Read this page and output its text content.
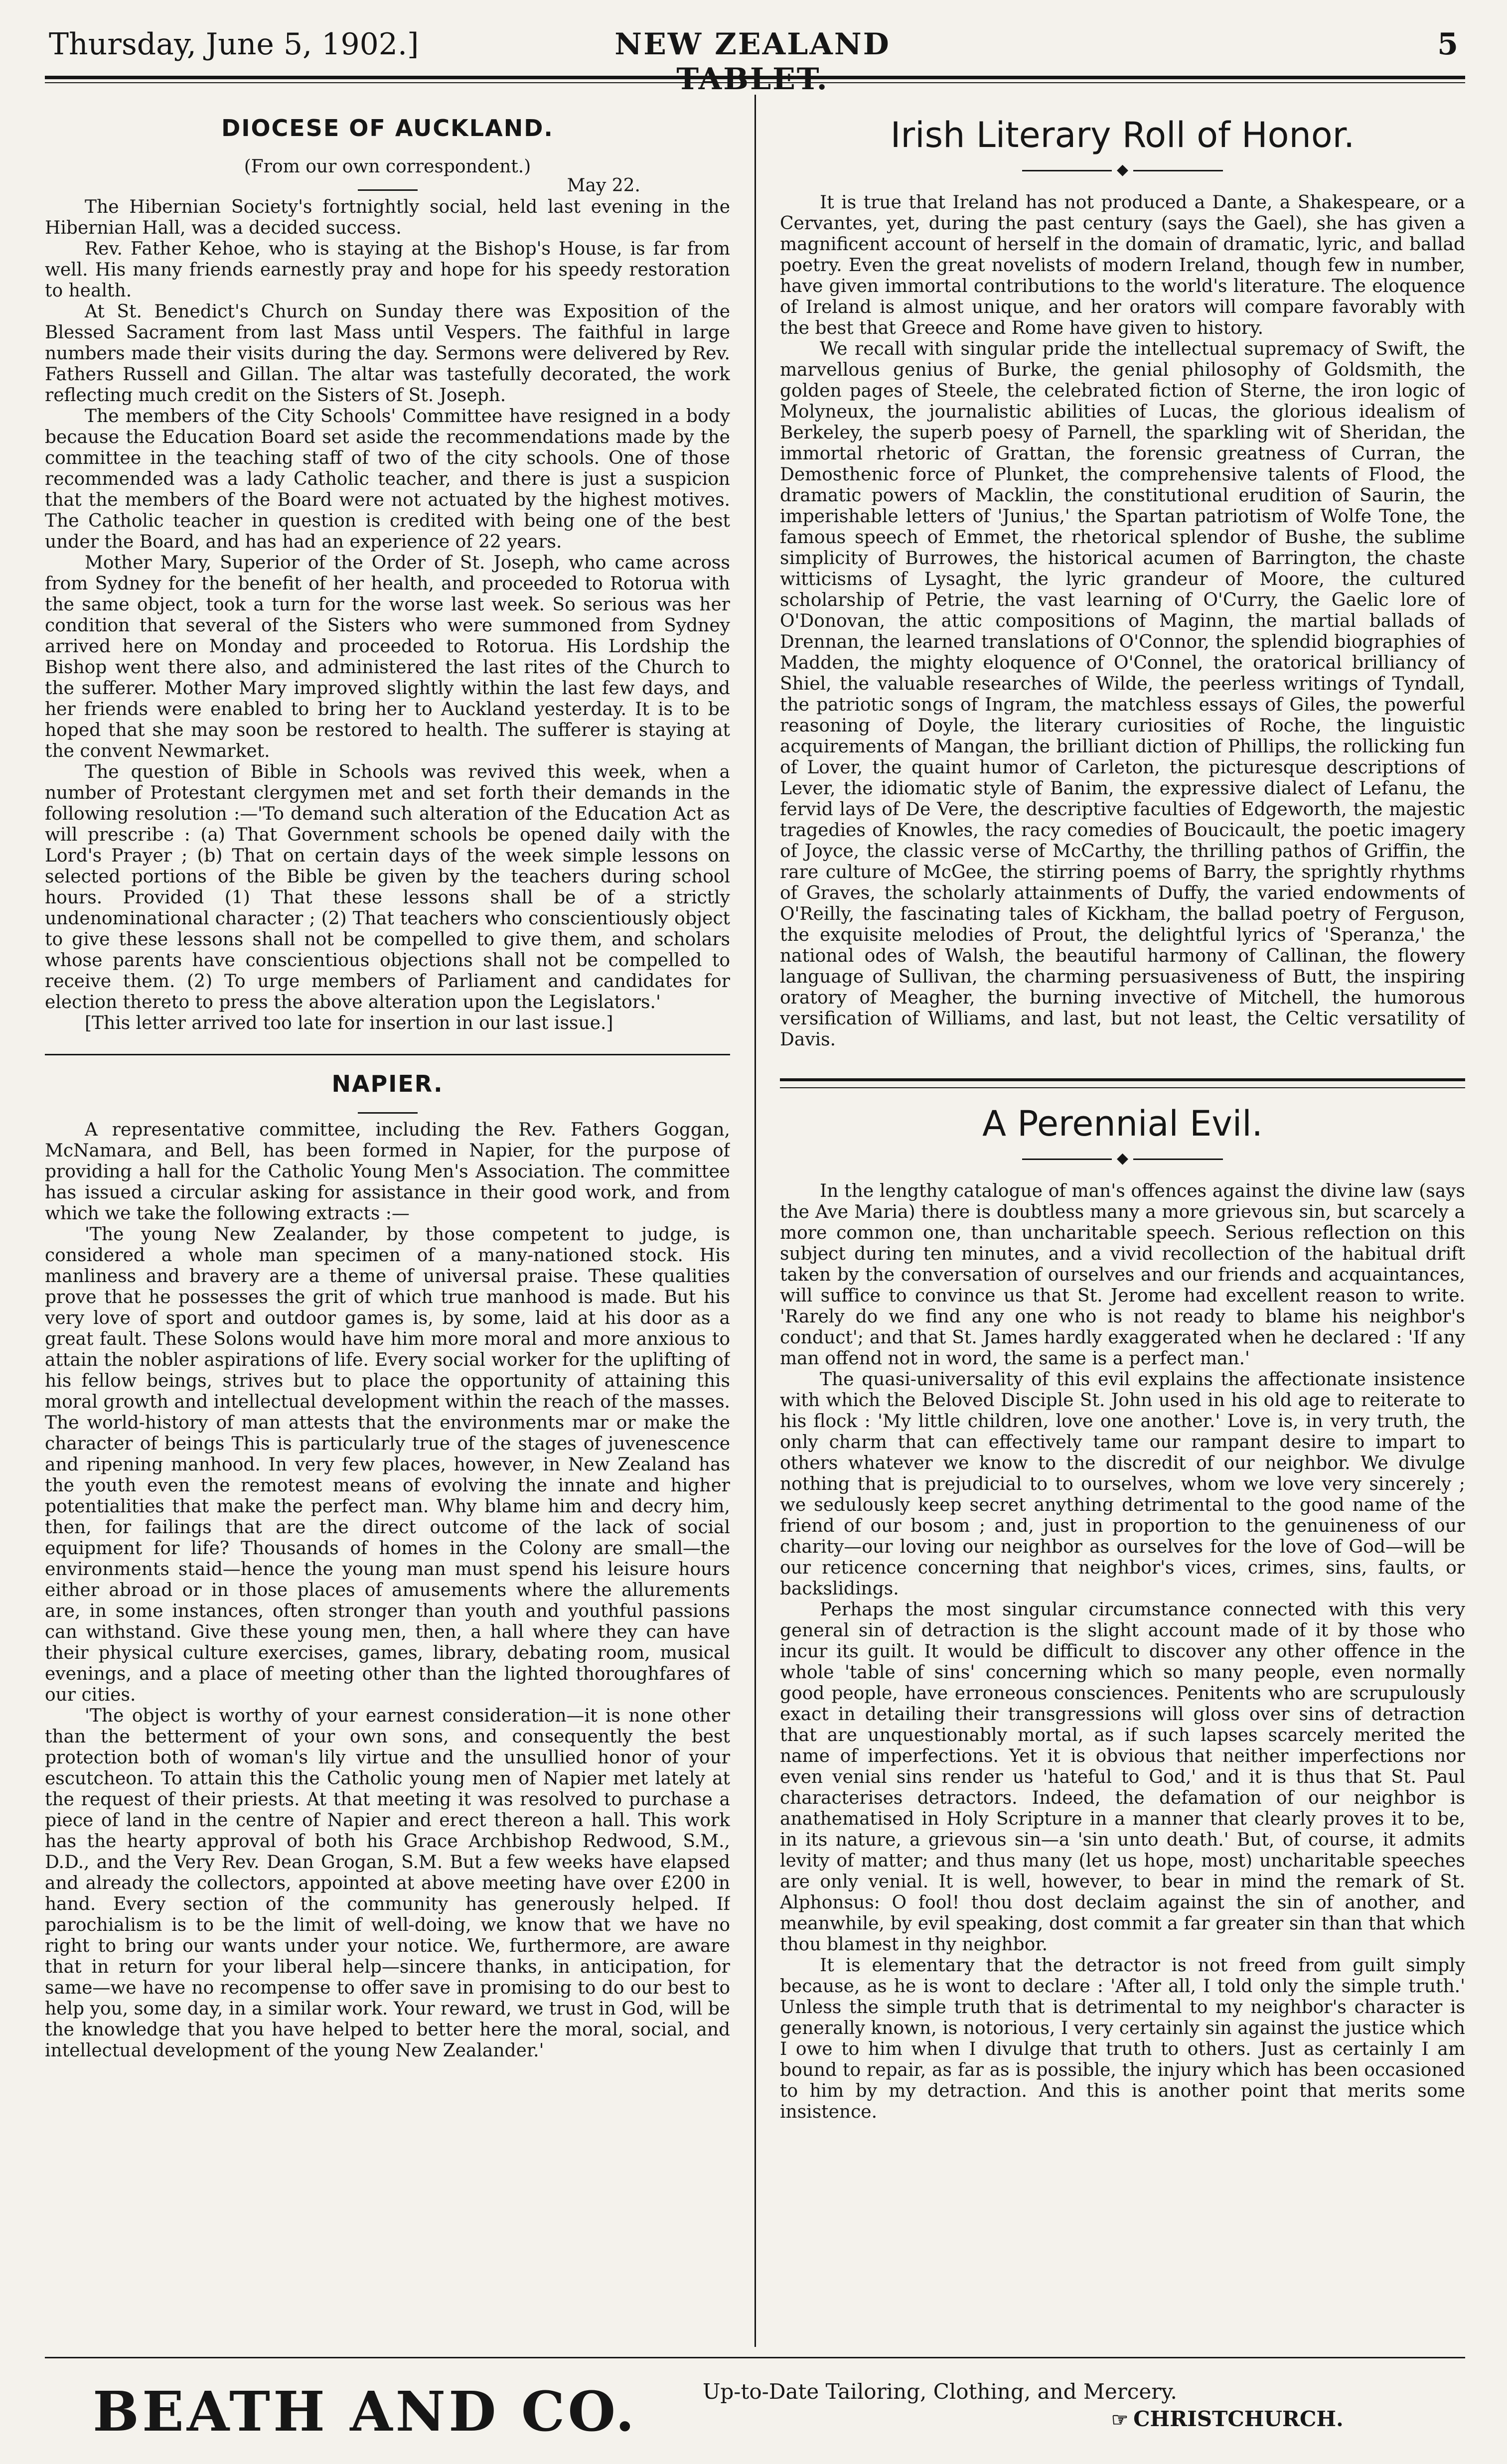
Thursday, June 5, 1902.]	NEW ZEALAND TABLET.
5
DIOCESE OF AUCKLAND.
(From our own correspondent.)
May 22.

The Hibernian Society's fortnightly social, held last evening in the Hibernian Hall, was a decided success.

Rev. Father Kehoe, who is staying at the Bishop's House, is far from well. His many friends earnestly pray and hope for his speedy restoration to health.

At St. Benedict's Church on Sunday there was Exposition of the Blessed Sacrament from last Mass until Vespers. The faithful in large numbers made their visits during the day. Sermons were delivered by Rev. Fathers Russell and Gillan. The altar was tastefully decorated, the work reflecting much credit on the Sisters of St. Joseph.

The members of the City Schools' Committee have resigned in a body because the Education Board set aside the recommendations made by the committee in the teaching staff of two of the city schools. One of those recommended was a lady Catholic teacher, and there is just a suspicion that the members of the Board were not actuated by the highest motives. The Catholic teacher in question is credited with being one of the best under the Board, and has had an experience of 22 years.

Mother Mary, Superior of the Order of St. Joseph, who came across from Sydney for the benefit of her health, and proceeded to Rotorua with the same object, took a turn for the worse last week. So serious was her condition that several of the Sisters who were summoned from Sydney arrived here on Monday and proceeded to Rotorua. His Lordship the Bishop went there also, and administered the last rites of the Church to the sufferer. Mother Mary improved slightly within the last few days, and her friends were enabled to bring her to Auckland yesterday. It is to be hoped that she may soon be restored to health. The sufferer is staying at the convent Newmarket.

The question of Bible in Schools was revived this week, when a number of Protestant clergymen met and set forth their demands in the following resolution :—'To demand such alteration of the Education Act as will prescribe : (a) That Government schools be opened daily with the Lord's Prayer ; (b) That on certain days of the week simple lessons on selected portions of the Bible be given by the teachers during school hours. Provided (1) That these lessons shall be of a strictly undenominational character ; (2) That teachers who conscientiously object to give these lessons shall not be compelled to give them, and scholars whose parents have conscientious objections shall not be compelled to receive them. (2) To urge members of Parliament and candidates for election thereto to press the above alteration upon the Legislators.'

[This letter arrived too late for insertion in our last issue.]

NAPIER.

A representative committee, including the Rev. Fathers Goggan, McNamara, and Bell, has been formed in Napier, for the purpose of providing a hall for the Catholic Young Men's Association. The committee has issued a circular asking for assistance in their good work, and from which we take the following extracts :—

'The young New Zealander, by those competent to judge, is considered a whole man specimen of a many-nationed stock. His manliness and bravery are a theme of universal praise. These qualities prove that he possesses the grit of which true manhood is made. But his very love of sport and outdoor games is, by some, laid at his door as a great fault. These Solons would have him more moral and more anxious to attain the nobler aspirations of life. Every social worker for the uplifting of his fellow beings, strives but to place the opportunity of attaining this moral growth and intellectual development within the reach of the masses. The world-history of man attests that the environments mar or make the character of beings This is particularly true of the stages of juvenescence and ripening manhood. In very few places, however, in New Zealand has the youth even the remotest means of evolving the innate and higher potentialities that make the perfect man. Why blame him and decry him, then, for failings that are the direct outcome of the lack of social equipment for life? Thousands of homes in the Colony are small—the environments staid—hence the young man must spend his leisure hours either abroad or in those places of amusements where the allurements are, in some instances, often stronger than youth and youthful passions can withstand. Give these young men, then, a hall where they can have their physical culture exercises, games, library, debating room, musical evenings, and a place of meeting other than the lighted thoroughfares of our cities.

'The object is worthy of your earnest consideration—it is none other than the betterment of your own sons, and consequently the best protection both of woman's lily virtue and the unsullied honor of your escutcheon. To attain this the Catholic young men of Napier met lately at the request of their priests. At that meeting it was resolved to purchase a piece of land in the centre of Napier and erect thereon a hall. This work has the hearty approval of both his Grace Archbishop Redwood, S.M., D.D., and the Very Rev. Dean Grogan, S.M. But a few weeks have elapsed and already the collectors, appointed at above meeting have over £200 in hand. Every section of the community has generously helped. If parochialism is to be the limit of well-doing, we know that we have no right to bring our wants under your notice. We, furthermore, are aware that in return for your liberal help—sincere thanks, in anticipation, for same—we have no recompense to offer save in promising to do our best to help you, some day, in a similar work. Your reward, we trust in God, will be the knowledge that you have helped to better here the moral, social, and intellectual development of the young New Zealander.'

Irish Literary Roll of Honor.
◆

It is true that Ireland has not produced a Dante, a Shakespeare, or a Cervantes, yet, during the past century (says the Gael), she has given a magnificent account of herself in the domain of dramatic, lyric, and ballad poetry. Even the great novelists of modern Ireland, though few in number, have given immortal contributions to the world's literature. The eloquence of Ireland is almost unique, and her orators will compare favorably with the best that Greece and Rome have given to history.

We recall with singular pride the intellectual supremacy of Swift, the marvellous genius of Burke, the genial philosophy of Goldsmith, the golden pages of Steele, the celebrated fiction of Sterne, the iron logic of Molyneux, the journalistic abilities of Lucas, the glorious idealism of Berkeley, the superb poesy of Parnell, the sparkling wit of Sheridan, the immortal rhetoric of Grattan, the forensic greatness of Curran, the Demosthenic force of Plunket, the comprehensive talents of Flood, the dramatic powers of Macklin, the constitutional erudition of Saurin, the imperishable letters of 'Junius,' the Spartan patriotism of Wolfe Tone, the famous speech of Emmet, the rhetorical splendor of Bushe, the sublime simplicity of Burrowes, the historical acumen of Barrington, the chaste witticisms of Lysaght, the lyric grandeur of Moore, the cultured scholarship of Petrie, the vast learning of O'Curry, the Gaelic lore of O'Donovan, the attic compositions of Maginn, the martial ballads of Drennan, the learned translations of O'Connor, the splendid biographies of Madden, the mighty eloquence of O'Connel, the oratorical brilliancy of Shiel, the valuable researches of Wilde, the peerless writings of Tyndall, the patriotic songs of Ingram, the matchless essays of Giles, the powerful reasoning of Doyle, the literary curiosities of Roche, the linguistic acquirements of Mangan, the brilliant diction of Phillips, the rollicking fun of Lover, the quaint humor of Carleton, the picturesque descriptions of Lever, the idiomatic style of Banim, the expressive dialect of Lefanu, the fervid lays of De Vere, the descriptive faculties of Edgeworth, the majestic tragedies of Knowles, the racy comedies of Boucicault, the poetic imagery of Joyce, the classic verse of McCarthy, the thrilling pathos of Griffin, the rare culture of McGee, the stirring poems of Barry, the sprightly rhythms of Graves, the scholarly attainments of Duffy, the varied endowments of O'Reilly, the fascinating tales of Kickham, the ballad poetry of Ferguson, the exquisite melodies of Prout, the delightful lyrics of 'Speranza,' the national odes of Walsh, the beautiful harmony of Callinan, the flowery language of Sullivan, the charming persuasiveness of Butt, the inspiring oratory of Meagher, the burning invective of Mitchell, the humorous versification of Williams, and last, but not least, the Celtic versatility of Davis.

A Perennial Evil.
◆

In the lengthy catalogue of man's offences against the divine law (says the Ave Maria) there is doubtless many a more grievous sin, but scarcely a more common one, than uncharitable speech. Serious reflection on this subject during ten minutes, and a vivid recollection of the habitual drift taken by the conversation of ourselves and our friends and acquaintances, will suffice to convince us that St. Jerome had excellent reason to write. 'Rarely do we find any one who is not ready to blame his neighbor's conduct'; and that St. James hardly exaggerated when he declared : 'If any man offend not in word, the same is a perfect man.'

The quasi-universality of this evil explains the affectionate insistence with which the Beloved Disciple St. John used in his old age to reiterate to his flock : 'My little children, love one another.' Love is, in very truth, the only charm that can effectively tame our rampant desire to impart to others whatever we know to the discredit of our neighbor. We divulge nothing that is prejudicial to to ourselves, whom we love very sincerely ; we sedulously keep secret anything detrimental to the good name of the friend of our bosom ; and, just in proportion to the genuineness of our charity—our loving our neighbor as ourselves for the love of God—will be our reticence concerning that neighbor's vices, crimes, sins, faults, or backslidings.

Perhaps the most singular circumstance connected with this very general sin of detraction is the slight account made of it by those who incur its guilt. It would be difficult to discover any other offence in the whole 'table of sins' concerning which so many people, even normally good people, have erroneous consciences. Penitents who are scrupulously exact in detailing their transgressions will gloss over sins of detraction that are unquestionably mortal, as if such lapses scarcely merited the name of imperfections. Yet it is obvious that neither imperfections nor even venial sins render us 'hateful to God,' and it is thus that St. Paul characterises detractors. Indeed, the defamation of our neighbor is anathematised in Holy Scripture in a manner that clearly proves it to be, in its nature, a grievous sin—a 'sin unto death.' But, of course, it admits levity of matter; and thus many (let us hope, most) uncharitable speeches are only venial. It is well, however, to bear in mind the remark of St. Alphonsus: O fool! thou dost declaim against the sin of another, and meanwhile, by evil speaking, dost commit a far greater sin than that which thou blamest in thy neighbor.

It is elementary that the detractor is not freed from guilt simply because, as he is wont to declare : 'After all, I told only the simple truth.' Unless the simple truth that is detrimental to my neighbor's character is generally known, is notorious, I very certainly sin against the justice which I owe to him when I divulge that truth to others. Just as certainly I am bound to repair, as far as is possible, the injury which has been occasioned to him by my detraction. And this is another point that merits some insistence.

BEATH AND CO.	Up-to-Date Tailoring, Clothing, and Mercery.
☞ CHRISTCHURCH.
